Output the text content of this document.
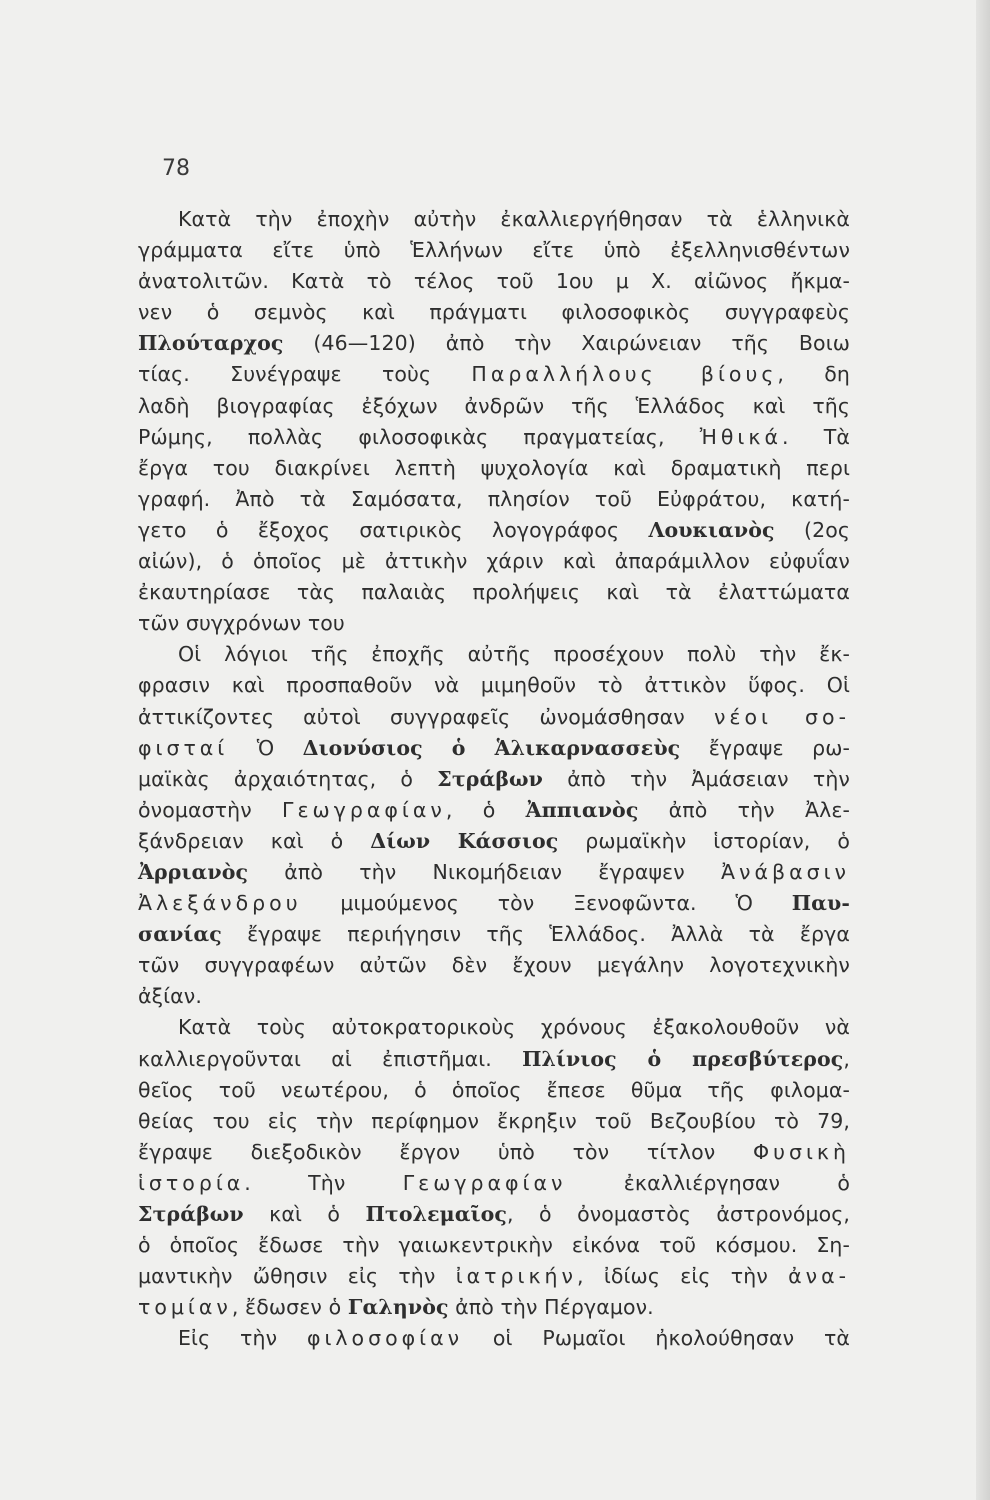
78
Κατὰ τὴν ἐποχὴν αὐτὴν ἐκαλλιεργήθησαν τὰ ἑλληνικὰ
γράμματα εἴτε ὑπὸ Ἑλλήνων εἴτε ὑπὸ ἐξελληνισθέντων
ἀνατολιτῶν. Κατὰ τὸ τέλος τοῦ 1ου μ Χ. αἰῶνος ἤκμα-
νεν ὁ σεμνὸς καὶ πράγματι φιλοσοφικὸς συγγραφεὺς
Πλούταρχος (46—120) ἀπὸ τὴν Χαιρώνειαν τῆς Βοιω
τίας. Συνέγραψε τοὺς Παραλλήλους βίους, δη
λαδὴ βιογραφίας ἐξόχων ἀνδρῶν τῆς Ἑλλάδος καὶ τῆς
Ρώμης, πολλὰς φιλοσοφικὰς πραγματείας, Ἠθικά. Τὰ
ἔργα του διακρίνει λεπτὴ ψυχολογία καὶ δραματικὴ περι
γραφή. Ἀπὸ τὰ Σαμόσατα, πλησίον τοῦ Εὐφράτου, κατή-
γετο ὁ ἔξοχος σατιρικὸς λογογράφος Λουκιανὸς (2ος
αἰών), ὁ ὁποῖος μὲ ἀττικὴν χάριν καὶ ἀπαράμιλλον εὐφυΐαν
ἐκαυτηρίασε τὰς παλαιὰς προλήψεις καὶ τὰ ἐλαττώματα
τῶν συγχρόνων του
Οἱ λόγιοι τῆς ἐποχῆς αὐτῆς προσέχουν πολὺ τὴν ἔκ-
φρασιν καὶ προσπαθοῦν νὰ μιμηθοῦν τὸ ἀττικὸν ὕφος. Οἱ
ἀττικίζοντες αὐτοὶ συγγραφεῖς ὠνομάσθησαν νέοι σο-
φισταί Ὁ Διονύσιος ὁ Ἁλικαρνασσεὺς ἔγραψε ρω-
μαϊκὰς ἀρχαιότητας, ὁ Στράβων ἀπὸ τὴν Ἀμάσειαν τὴν
ὀνομαστὴν Γεωγραφίαν, ὁ Ἀππιανὸς ἀπὸ τὴν Ἀλε-
ξάνδρειαν καὶ ὁ Δίων Κάσσιος ρωμαϊκὴν ἱστορίαν, ὁ
Ἀρριανὸς ἀπὸ τὴν Νικομήδειαν ἔγραψεν Ἀνάβασιν
Ἀλεξάνδρου μιμούμενος τὸν Ξενοφῶντα. Ὁ Παυ-
σανίας ἔγραψε περιήγησιν τῆς Ἑλλάδος. Ἀλλὰ τὰ ἔργα
τῶν συγγραφέων αὐτῶν δὲν ἔχουν μεγάλην λογοτεχνικὴν
ἀξίαν.
Κατὰ τοὺς αὐτοκρατορικοὺς χρόνους ἐξακολουθοῦν νὰ
καλλιεργοῦνται αἱ ἐπιστῆμαι. Πλίνιος ὁ πρεσβύτερος,
θεῖος τοῦ νεωτέρου, ὁ ὁποῖος ἔπεσε θῦμα τῆς φιλομα-
θείας του εἰς τὴν περίφημον ἔκρηξιν τοῦ Βεζουβίου τὸ 79,
ἔγραψε διεξοδικὸν ἔργον ὑπὸ τὸν τίτλον Φυσικὴ
ἱστορία. Τὴν Γεωγραφίαν ἐκαλλιέργησαν ὁ
Στράβων καὶ ὁ Πτολεμαῖος, ὁ ὀνομαστὸς ἀστρονόμος,
ὁ ὁποῖος ἔδωσε τὴν γαιωκεντρικὴν εἰκόνα τοῦ κόσμου. Ση-
μαντικὴν ὤθησιν εἰς τὴν ἰατρικήν, ἰδίως εἰς τὴν ἀνα-
τομίαν, ἔδωσεν ὁ Γαληνὸς ἀπὸ τὴν Πέργαμον.
Εἰς τὴν φιλοσοφίαν οἱ Ρωμαῖοι ἠκολούθησαν τὰ
